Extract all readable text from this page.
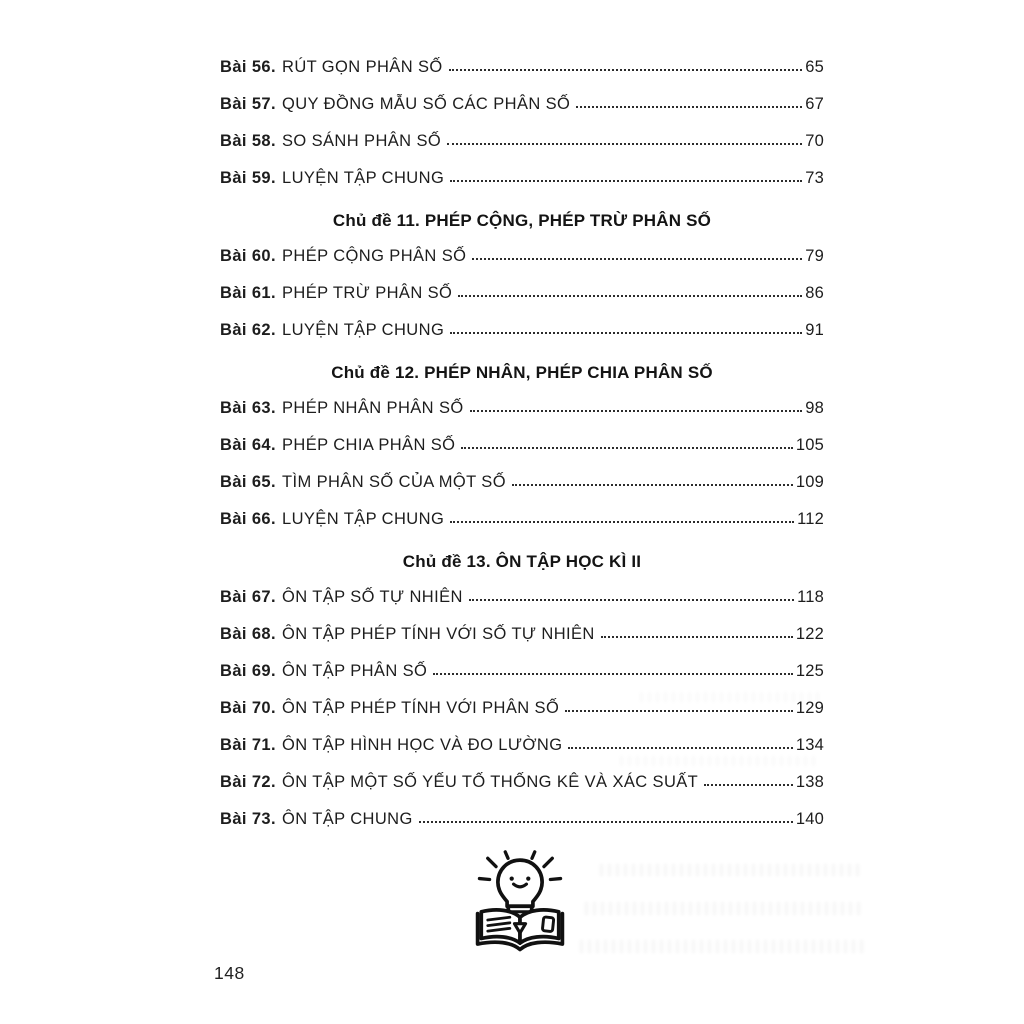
Bài 56. RÚT GỌN PHÂN SỐ	65
Bài 57. QUY ĐỒNG MẪU SỐ CÁC PHÂN SỐ	67
Bài 58. SO SÁNH PHÂN SỐ	70
Bài 59. LUYỆN TẬP CHUNG	73
Chủ đề 11. PHÉP CỘNG, PHÉP TRỪ PHÂN SỐ
Bài 60. PHÉP CỘNG PHÂN SỐ	79
Bài 61. PHÉP TRỪ PHÂN SỐ	86
Bài 62. LUYỆN TẬP CHUNG	91
Chủ đề 12. PHÉP NHÂN, PHÉP CHIA PHÂN SỐ
Bài 63. PHÉP NHÂN PHÂN SỐ	98
Bài 64. PHÉP CHIA PHÂN SỐ	105
Bài 65. TÌM PHÂN SỐ CỦA MỘT SỐ	109
Bài 66. LUYỆN TẬP CHUNG	112
Chủ đề 13. ÔN TẬP HỌC KÌ II
Bài 67. ÔN TẬP SỐ TỰ NHIÊN	118
Bài 68. ÔN TẬP PHÉP TÍNH VỚI SỐ TỰ NHIÊN	122
Bài 69. ÔN TẬP PHÂN SỐ	125
Bài 70. ÔN TẬP PHÉP TÍNH VỚI PHÂN SỐ	129
Bài 71. ÔN TẬP HÌNH HỌC VÀ ĐO LƯỜNG	134
Bài 72. ÔN TẬP MỘT SỐ YẾU TỐ THỐNG KÊ VÀ XÁC SUẤT	138
Bài 73. ÔN TẬP CHUNG	140
148
